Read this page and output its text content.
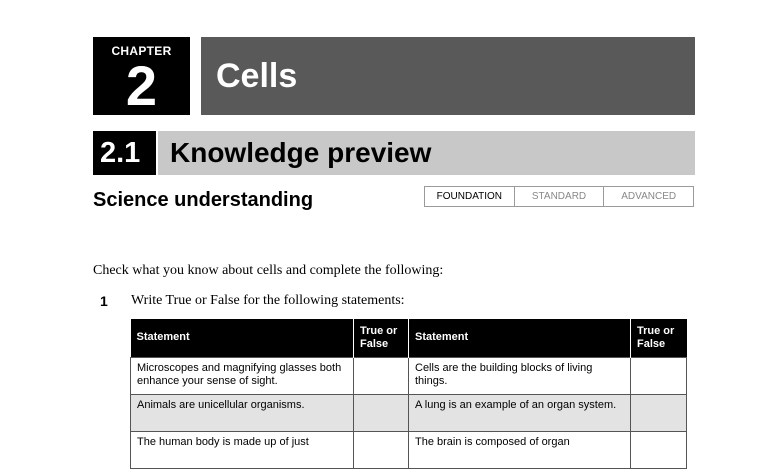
CHAPTER
2	Cells
2.1 Knowledge preview
Science understanding	FOUNDATION	STANDARD	ADVANCED
Check what you know about cells and complete the following:
1 Write True or False for the following statements:
Statement	True or False	Statement	True or False
Microscopes and magnifying glasses both enhance your sense of sight.		Cells are the building blocks of living things.	
Animals are unicellular organisms.		A lung is an example of an organ system.	
The human body is made up of just		The brain is composed of organ	
